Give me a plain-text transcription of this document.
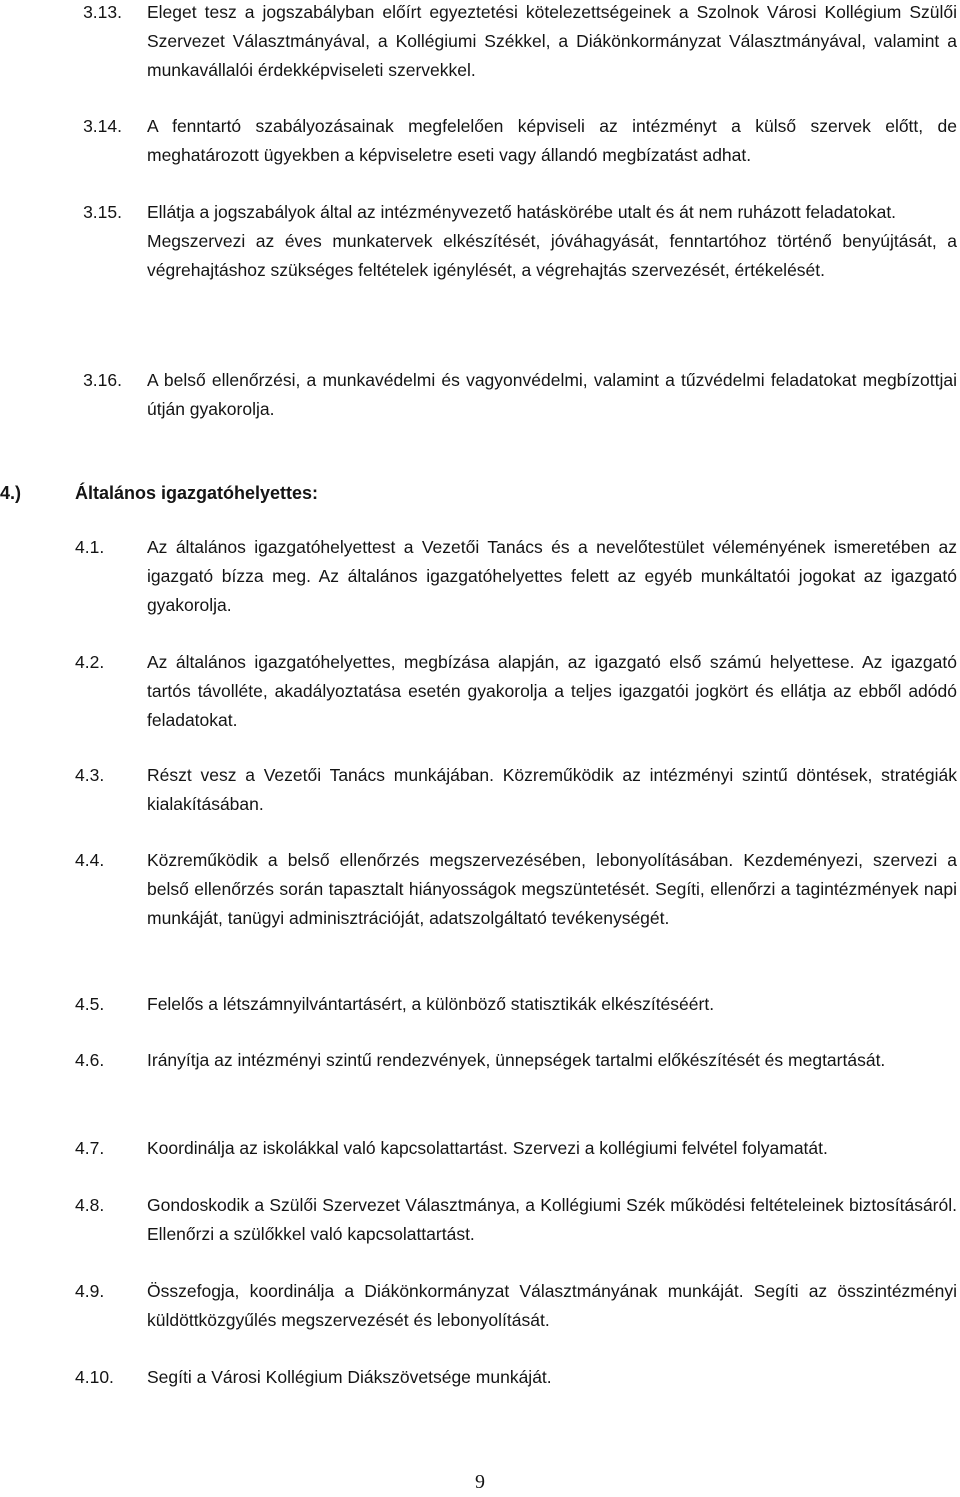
3.13.	Eleget tesz a jogszabályban előírt egyeztetési kötelezettségeinek a Szolnok Városi Kollégium Szülői Szervezet Választmányával, a Kollégiumi Székkel, a Diákönkormányzat Választmányával, valamint a munkavállalói érdekképviseleti szervekkel.
3.14.	A fenntartó szabályozásainak megfelelően képviseli az intézményt a külső szervek előtt, de meghatározott ügyekben a képviseletre eseti vagy állandó megbízatást adhat.
3.15.	Ellátja a jogszabályok által az intézményvezető hatáskörébe utalt és át nem ruházott feladatokat.
Megszervezi az éves munkatervek elkészítését, jóváhagyását, fenntartóhoz történő benyújtását, a végrehajtáshoz szükséges feltételek igénylését, a végrehajtás szervezését, értékelését.
3.16.	A belső ellenőrzési, a munkavédelmi és vagyonvédelmi, valamint a tűzvédelmi feladatokat megbízottjai útján gyakorolja.
4.)	Általános igazgatóhelyettes:
4.1.	Az általános igazgatóhelyettest a Vezetői Tanács és a nevelőtestület véleményének ismeretében az igazgató bízza meg. Az általános igazgatóhelyettes felett az egyéb munkáltatói jogokat az igazgató gyakorolja.
4.2.	Az általános igazgatóhelyettes, megbízása alapján, az igazgató első számú helyettese. Az igazgató tartós távolléte, akadályoztatása esetén gyakorolja a teljes igazgatói jogkört és ellátja az ebből adódó feladatokat.
4.3.	Részt vesz a Vezetői Tanács munkájában. Közreműködik az intézményi szintű döntések, stratégiák kialakításában.
4.4.	Közreműködik a belső ellenőrzés megszervezésében, lebonyolításában. Kezdeményezi, szervezi a belső ellenőrzés során tapasztalt hiányosságok megszüntetését. Segíti, ellenőrzi a tagintézmények napi munkáját, tanügyi adminisztrációját, adatszolgáltató tevékenységét.
4.5.	Felelős a létszámnyilvántartásért, a különböző statisztikák elkészítéséért.
4.6.	Irányítja az intézményi szintű rendezvények, ünnepségek tartalmi előkészítését és megtartását.
4.7.	Koordinálja az iskolákkal való kapcsolattartást. Szervezi a kollégiumi felvétel folyamatát.
4.8.	Gondoskodik a Szülői Szervezet Választmánya, a Kollégiumi Szék működési feltételeinek biztosításáról. Ellenőrzi a szülőkkel való kapcsolattartást.
4.9.	Összefogja, koordinálja a Diákönkormányzat Választmányának munkáját. Segíti az összintézményi küldöttközgyűlés megszervezését és lebonyolítását.
4.10.	Segíti a Városi Kollégium Diákszövetsége munkáját.
9
